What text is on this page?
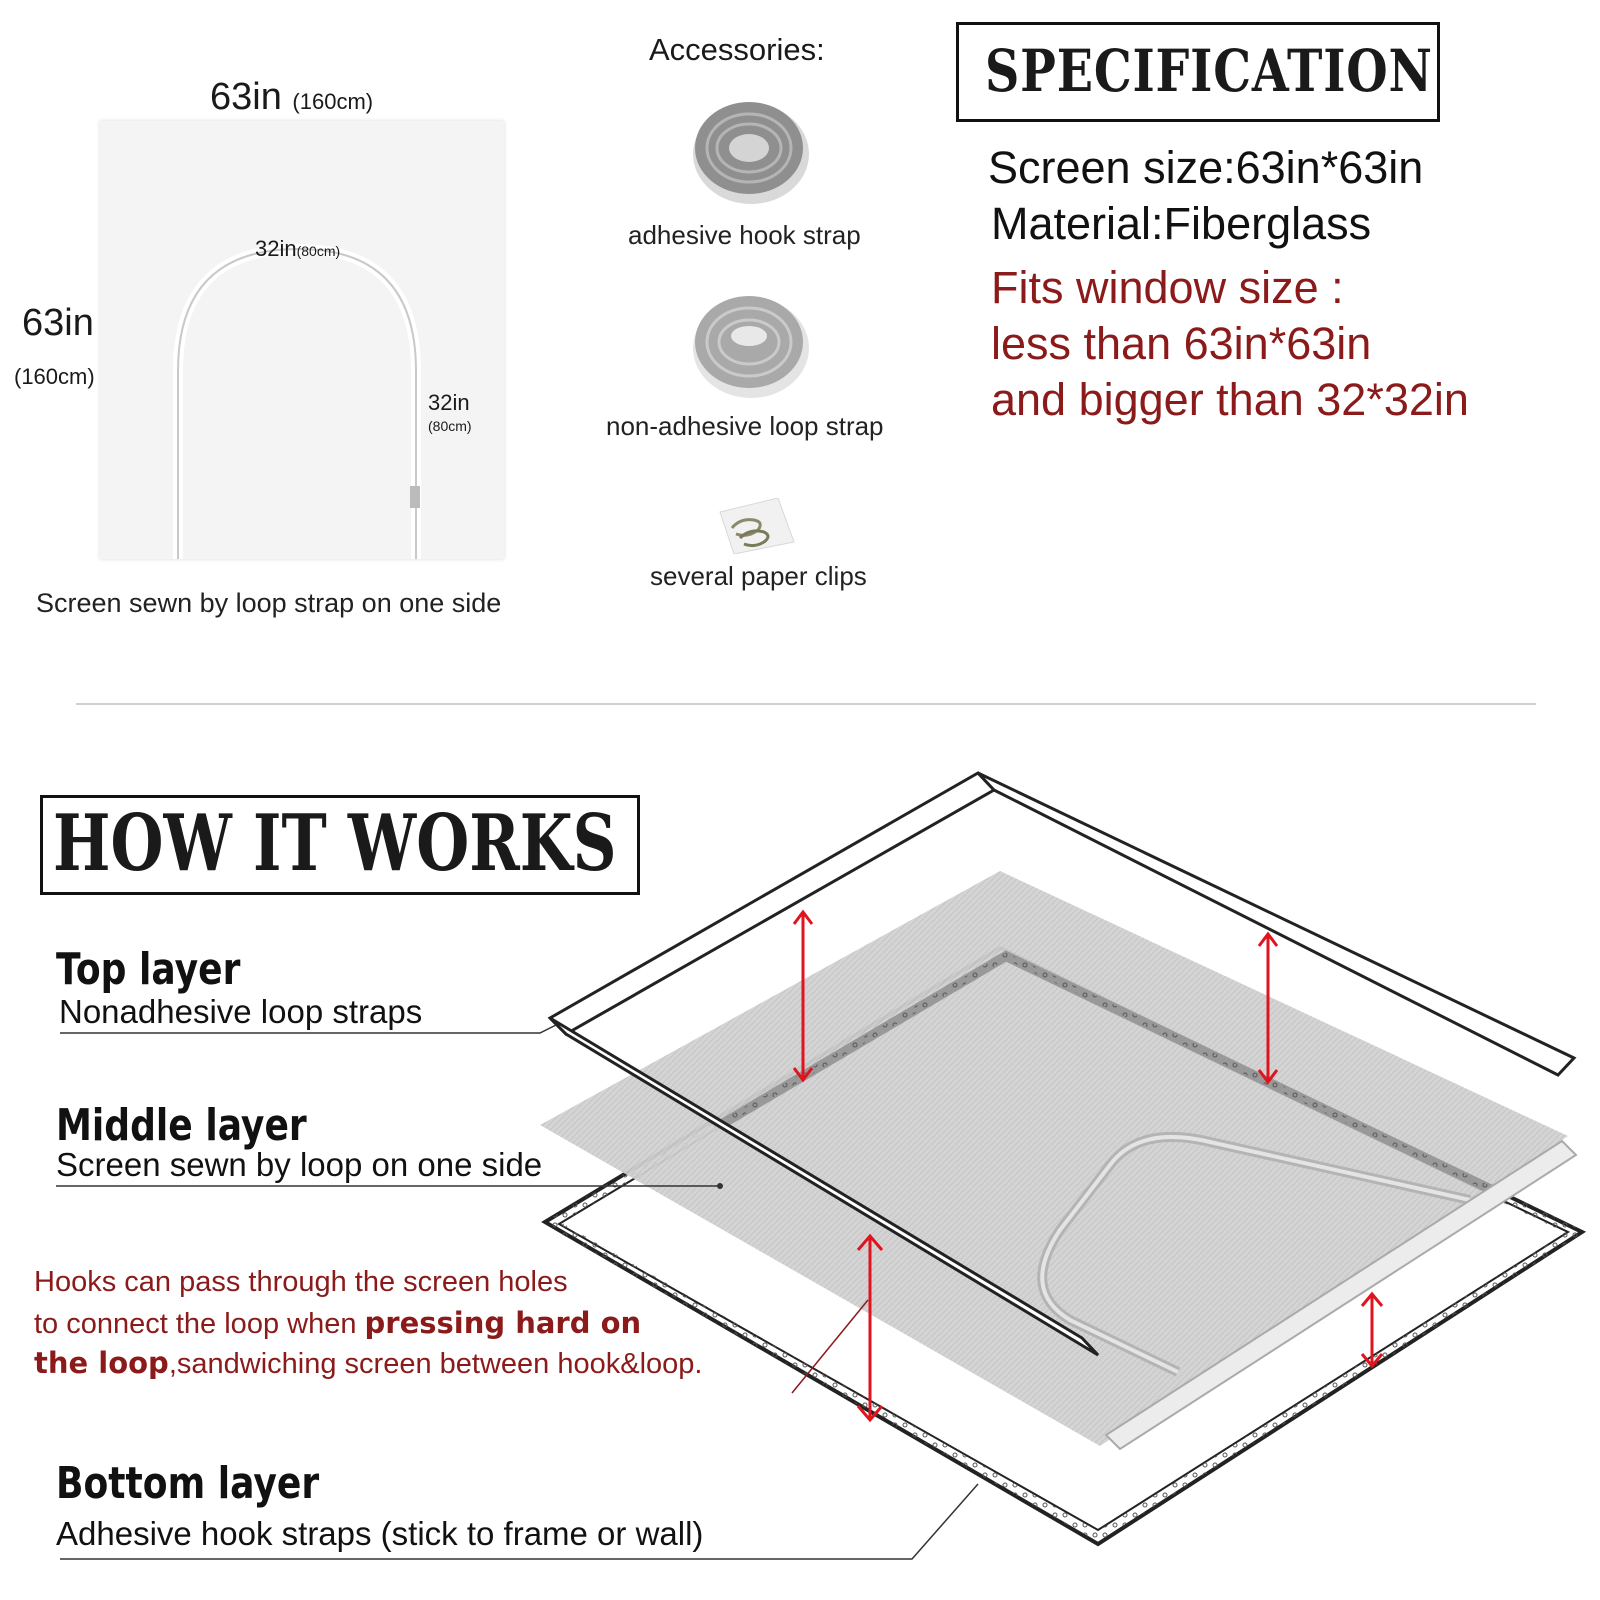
63in (160cm)
32in(80cm)
63in
(160cm)
32in
(80cm)
Screen sewn by loop strap on one side
Accessories:
adhesive hook strap
non-adhesive loop strap
several paper clips
SPECIFICATION
Screen size:63in*63in
Material:Fiberglass
Fits window size :
less than 63in*63in
and bigger than 32*32in
HOW IT WORKS
Top layer
Nonadhesive loop straps
Middle layer
Screen sewn by loop on one side
Hooks can pass through the screen holes
to connect the loop when pressing hard on
the loop,sandwiching screen between hook&loop.
Bottom layer
Adhesive hook straps (stick to frame or wall)
